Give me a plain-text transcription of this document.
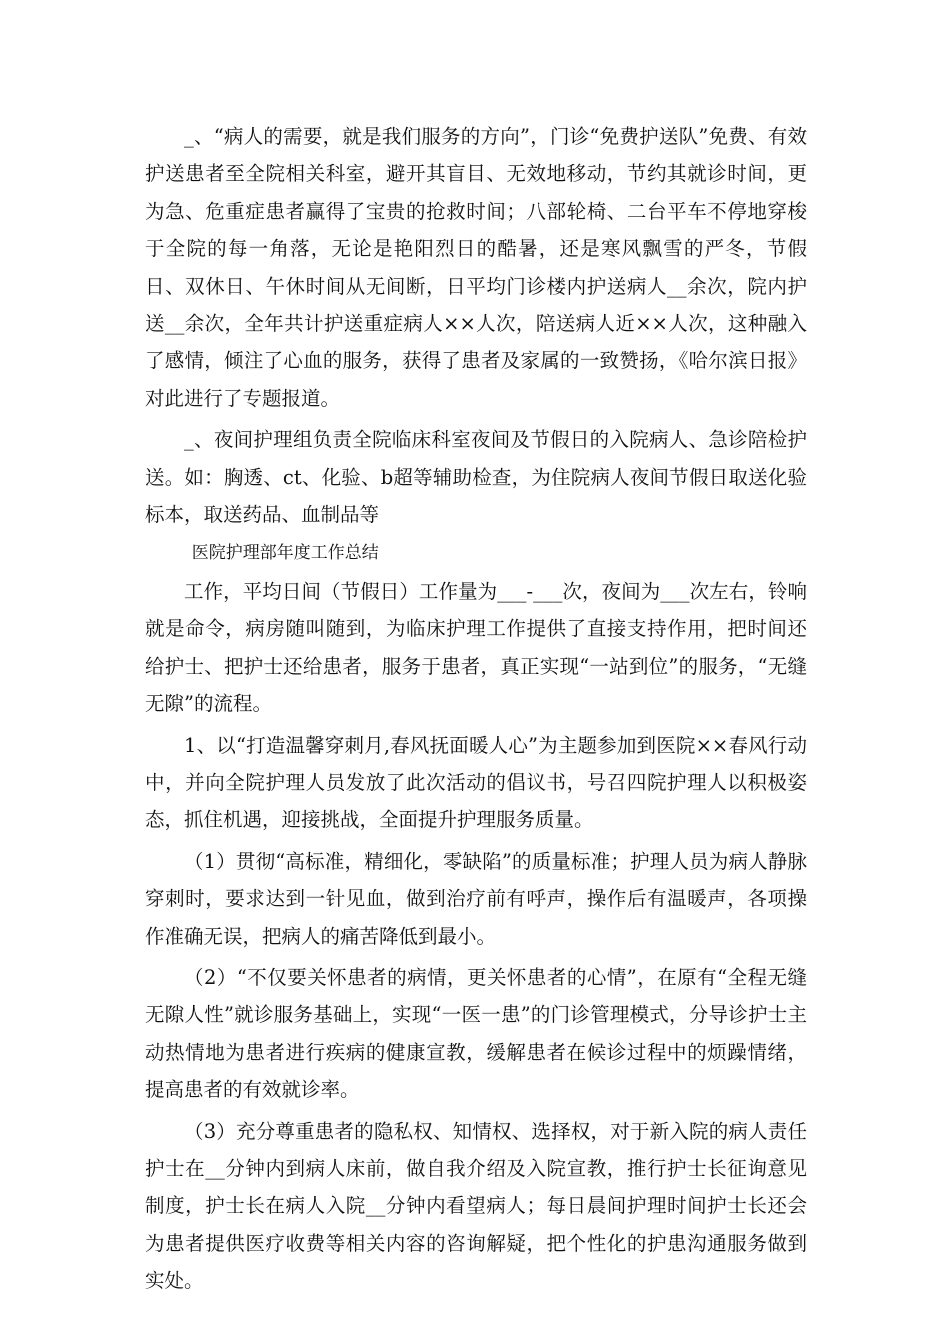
_、“病人的需要，就是我们服务的方向”，门诊“免费护送队”免费、有效护送患者至全院相关科室，避开其盲目、无效地移动，节约其就诊时间，更为急、危重症患者赢得了宝贵的抢救时间；八部轮椅、二台平车不停地穿梭于全院的每一角落，无论是艳阳烈日的酷暑，还是寒风飘雪的严冬，节假日、双休日、午休时间从无间断，日平均门诊楼内护送病人__余次，院内护送__余次，全年共计护送重症病人××人次，陪送病人近××人次，这种融入了感情，倾注了心血的服务，获得了患者及家属的一致赞扬，《哈尔滨日报》对此进行了专题报道。

_、夜间护理组负责全院临床科室夜间及节假日的入院病人、急诊陪检护送。如：胸透、ct、化验、b超等辅助检查，为住院病人夜间节假日取送化验标本，取送药品、血制品等

医院护理部年度工作总结

工作，平均日间（节假日）工作量为___-___次，夜间为___次左右，铃响就是命令，病房随叫随到，为临床护理工作提供了直接支持作用，把时间还给护士、把护士还给患者，服务于患者，真正实现“一站到位”的服务，“无缝无隙”的流程。

1、以“打造温馨穿刺月,春风抚面暖人心”为主题参加到医院××春风行动中，并向全院护理人员发放了此次活动的倡议书，号召四院护理人以积极姿态，抓住机遇，迎接挑战，全面提升护理服务质量。

（1）贯彻“高标准，精细化，零缺陷”的质量标准；护理人员为病人静脉穿刺时，要求达到一针见血，做到治疗前有呼声，操作后有温暖声，各项操作准确无误，把病人的痛苦降低到最小。

（2）“不仅要关怀患者的病情，更关怀患者的心情”，在原有“全程无缝无隙人性”就诊服务基础上，实现“一医一患”的门诊管理模式，分导诊护士主动热情地为患者进行疾病的健康宣教，缓解患者在候诊过程中的烦躁情绪，提高患者的有效就诊率。

（3）充分尊重患者的隐私权、知情权、选择权，对于新入院的病人责任护士在__分钟内到病人床前，做自我介绍及入院宣教，推行护士长征询意见制度，护士长在病人入院__分钟内看望病人；每日晨间护理时间护士长还会为患者提供医疗收费等相关内容的咨询解疑，把个性化的护患沟通服务做到实处。
